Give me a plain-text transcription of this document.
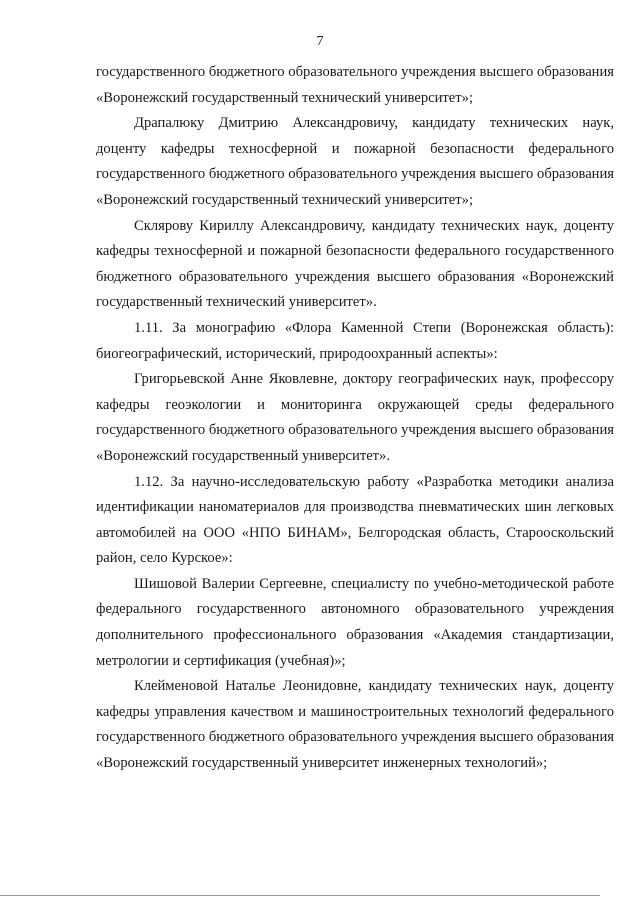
7

государственного бюджетного образовательного учреждения высшего образования «Воронежский государственный технический университет»;

Драпалюку Дмитрию Александровичу, кандидату технических наук, доценту кафедры техносферной и пожарной безопасности федерального государственного бюджетного образовательного учреждения высшего образования «Воронежский государственный технический университет»;

Склярову Кириллу Александровичу, кандидату технических наук, доценту кафедры техносферной и пожарной безопасности федерального государственного бюджетного образовательного учреждения высшего образования «Воронежский государственный технический университет».

1.11. За монографию «Флора Каменной Степи (Воронежская область): биогеографический, исторический, природоохранный аспекты»:

Григорьевской Анне Яковлевне, доктору географических наук, профессору кафедры геоэкологии и мониторинга окружающей среды федерального государственного бюджетного образовательного учреждения высшего образования «Воронежский государственный университет».

1.12. За научно-исследовательскую работу «Разработка методики анализа идентификации наноматериалов для производства пневматических шин легковых автомобилей на ООО «НПО БИНАМ», Белгородская область, Старооскольский район, село Курское»:

Шишовой Валерии Сергеевне, специалисту по учебно-методической работе федерального государственного автономного образовательного учреждения дополнительного профессионального образования «Академия стандартизации, метрологии и сертификация (учебная)»;

Клейменовой Наталье Леонидовне, кандидату технических наук, доценту кафедры управления качеством и машиностроительных технологий федерального государственного бюджетного образовательного учреждения высшего образования «Воронежский государственный университет инженерных технологий»;
